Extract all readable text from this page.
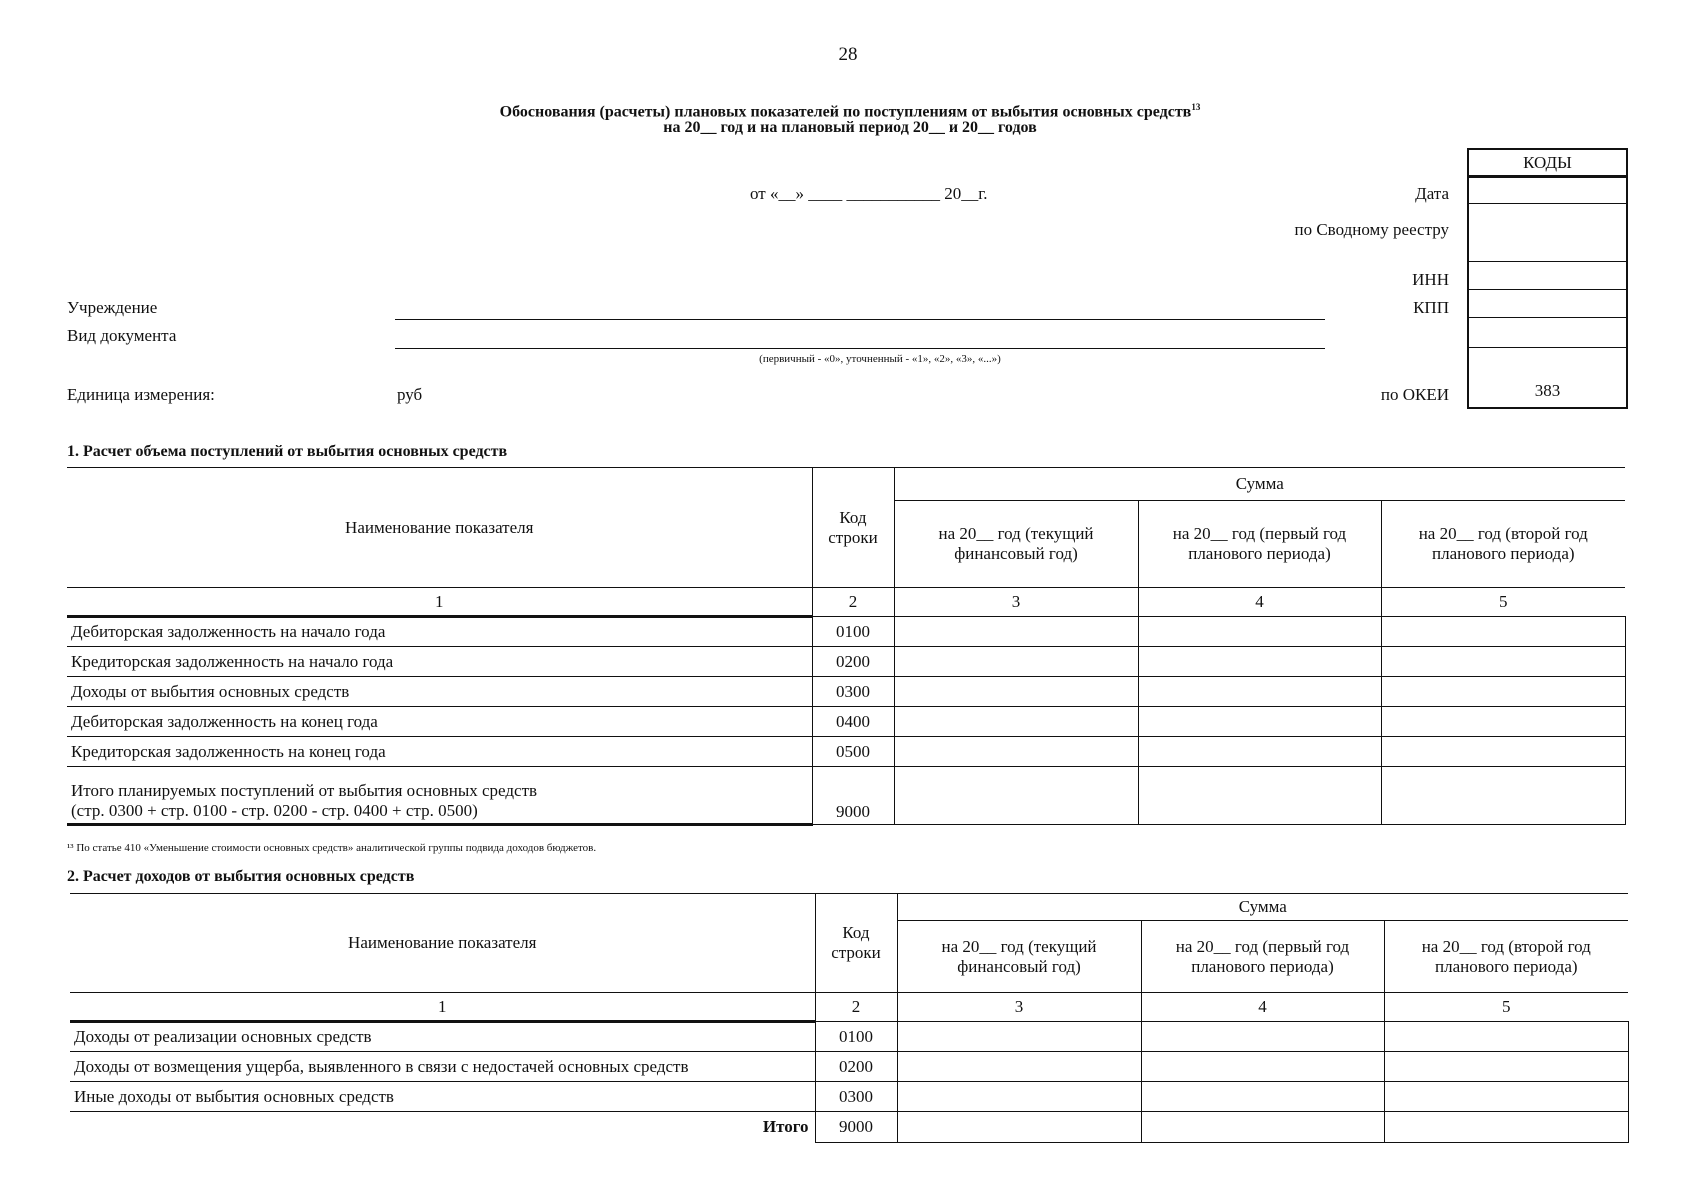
28
Обоснования (расчеты) плановых показателей по поступлениям от выбытия основных средств$^{13}$
на 20__ год и на плановый период 20__ и 20__ годов
от «__» ____ ___________ 20__г.
КОДЫ
383
Дата
по Сводному реестру
ИНН
КПП
по ОКЕИ
Учреждение
Вид документа
(первичный - «0», уточненный - «1», «2», «3», «...»)
Единица измерения:	руб
1. Расчет объема поступлений от выбытия основных средств
Наименование показателя	Код строки	Сумма		
		на 20__ год (текущий финансовый год)	на 20__ год (первый год планового периода)	на 20__ год (второй год планового периода)
1	2	3	4	5
Дебиторская задолженность на начало года	0100			
Кредиторская задолженность на начало года	0200			
Доходы от выбытия основных средств	0300			
Дебиторская задолженность на конец года	0400			
Кредиторская задолженность на конец года	0500			

Итого планируемых поступлений от выбытия основных средств
(стр. 0300 + стр. 0100 - стр. 0200 - стр. 0400 + стр. 0500)	9000			
¹³ По статье 410 «Уменьшение стоимости основных средств» аналитической группы подвида доходов бюджетов.
2. Расчет доходов от выбытия основных средств
Наименование показателя	Код строки	Сумма		
		на 20__ год (текущий финансовый год)	на 20__ год (первый год планового периода)	на 20__ год (второй год планового периода)
1	2	3	4	5
Доходы от реализации основных средств	0100			
Доходы от возмещения ущерба, выявленного в связи с недостачей основных средств	0200			
Иные доходы от выбытия основных средств	0300			
Итого	9000			
